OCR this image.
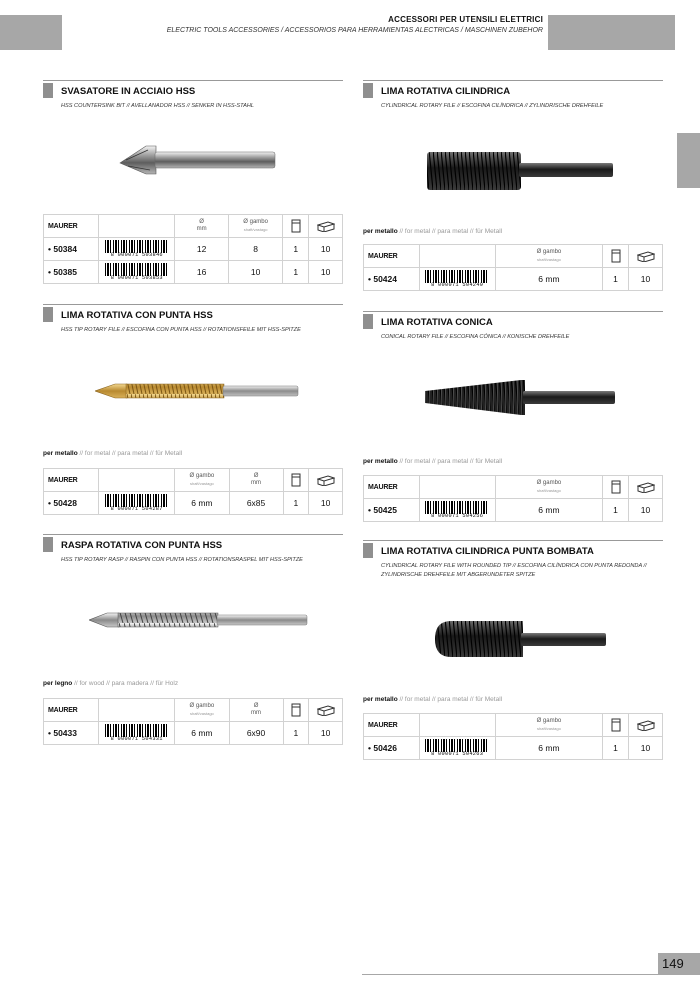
ACCESSORI PER UTENSILI ELETTRICI
ELECTRIC TOOLS ACCESSORIES / ACCESSORIOS PARA HERRAMIENTAS ALECTRICAS / MASCHINEN ZUBEHOR
SVASATORE IN ACCIAIO HSS
HSS COUNTERSINK BIT // AVELLANADOR HSS // SENKER IN HSS-STAHL
MAURER		Ø
mm	Ø gambo
shaft/vastago

• 50384	8 000071 503846	12	8	1	10
• 50385	8 000071 503853	16	10	1	10
LIMA ROTATIVA CON PUNTA HSS
HSS TIP ROTARY FILE // ESCOFINA CON PUNTA HSS // ROTATIONSFEILE MIT HSS-SPITZE
per metallo // for metal // para metal // für Metall
MAURER		Ø gambo
shaft/vastago	Ø
mm	

• 50428	8 000071 504287	6 mm	6x85	1	10
RASPA ROTATIVA CON PUNTA HSS
HSS TIP ROTARY RASP // RASPIN CON PUNTA HSS // ROTATIONSRASPEL MIT HSS-SPITZE
per legno // for wood // para madera // für Holz
MAURER		Ø gambo
shaft/vastago	Ø
mm	

• 50433	8 000071 504331	6 mm	6x90	1	10
LIMA ROTATIVA CILINDRICA
CYLINDRICAL ROTARY FILE // ESCOFINA CILÍNDRICA // ZYLINDRISCHE DREHFEILE
per metallo // for metal // para metal // für Metall
MAURER		Ø gambo
shaft/vastago

• 50424	8 000071 504249	6 mm	1	10
LIMA ROTATIVA CONICA
CONICAL ROTARY FILE // ESCOFINA CÓNICA // KONISCHE DREHFEILE
per metallo // for metal // para metal // für Metall
MAURER		Ø gambo
shaft/vastago

• 50425	8 000071 504256	6 mm	1	10
LIMA ROTATIVA CILINDRICA PUNTA BOMBATA
CYLINDRICAL ROTARY FILE WITH ROUNDED TIP // ESCOFINA CILÍNDRICA CON PUNTA REDONDA // ZYLINDRISCHE DREHFEILE MIT ABGERUNDETER SPITZE
per metallo // for metal // para metal // für Metall
MAURER		Ø gambo
shaft/vastago

• 50426	8 000071 504263	6 mm	1	10
149
